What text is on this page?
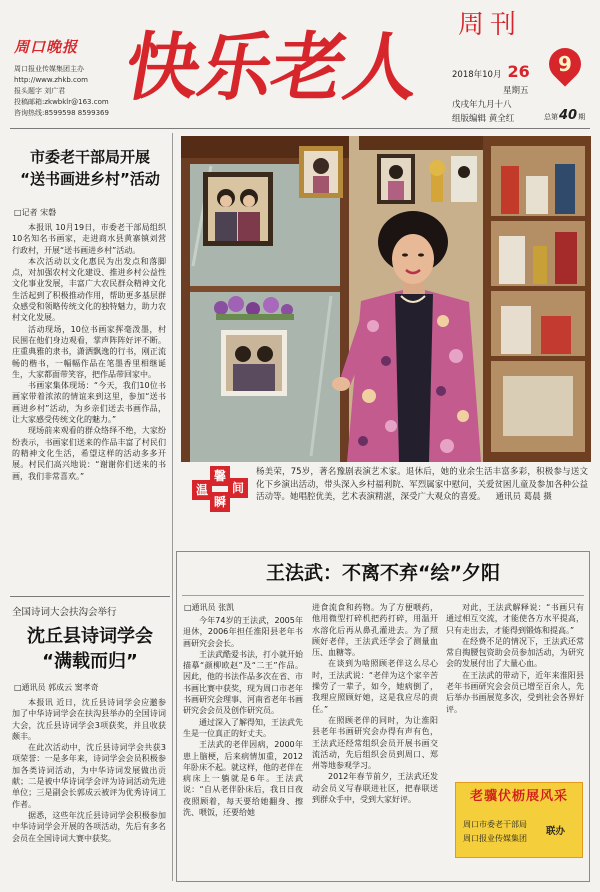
周口晚报
周口报业传媒集团主办
http://www.zhkb.com
报头题字 刘广君
投稿邮箱:zkwbklr@163.com
咨询热线:8599598 8599369
快乐老人	周刊
2018年10月 26
星期五
戊戌年九月十八
组版编辑 黄全红
9
总第40期
市委老干部局开展
“送书画进乡村”活动
□记者 宋磐

本报讯 10月19日，市委老干部局组织10名知名书画家，走进商水县黄寨镇刘营行政村，开展“送书画进乡村”活动。

本次活动以文化惠民为出发点和落脚点，对加强农村文化建设、推进乡村公益性文化事业发展，丰富广大农民群众精神文化生活起到了积极推动作用，帮助更多基层群众感受和领略传统文化的独特魅力，助力农村文化发展。

活动现场，10位书画家挥毫泼墨，村民围在他们身边观看，掌声阵阵好评不断。庄重典雅的隶书，潇洒飘逸的行书，刚正流畅的楷书，一幅幅作品在笔墨香里相继诞生，大家都面带笑容，把作品带回家中。

书画家集体现场：“今天，我们10位书画家带着浓浓的情谊来到这里，参加“送书画进乡村”活动，为乡亲们送去书画作品，让大家感受传统文化的魅力。”

现场前来观看的群众络绎不绝，大家纷纷表示，书画家们送来的作品丰富了村民们的精神文化生活，希望这样的活动多多开展。村民们高兴地说：“谢谢你们送来的书画，我们非常喜欢。”

全国诗词大会扶沟会举行
沈丘县诗词学会
“满载而归”
□通讯员 郭成云 窦孝奇

本报讯 近日，沈丘县诗词学会应邀参加了中华诗词学会在扶沟县举办的全国诗词大会，沈丘县诗词学会3项获奖，并且收获颇丰。

在此次活动中，沈丘县诗词学会共获3项荣誉：一是多年来，诗词学会会员积极参加各类诗词活动，为中华诗词发展做出贡献；二是被中华诗词学会评为诗词活动先进单位；三是副会长郭成云被评为优秀诗词工作者。

据悉，这些年沈丘县诗词学会积极参加中华诗词学会开展的各项活动，先后有多名会员在全国诗词大赛中获奖。

温
馨
瞬
间
杨美荣，75岁，著名豫剧表演艺术家。退休后，她的业余生活丰富多彩，积极参与送文化下乡演出活动，带头深入乡村福利院、军烈属家中慰问，关爱贫困儿童及参加各种公益活动等。她唱腔优美，艺术表演精湛，深受广大观众的喜爱。 通讯员 葛晨 摄
王法武：不离不弃“绘”夕阳
□通讯员 张凯

今年74岁的王法武，2005年退休，2006年担任淮阳县老年书画研究会会长。

王法武酷爱书法，打小就开始描摹“颜柳欧赵”及“二王”作品。因此，他的书法作品多次在省、市书画比赛中获奖，现为周口市老年书画研究会理事、河南省老年书画研究会会员及创作研究员。

通过深入了解得知，王法武先生是一位真正的好丈夫。

王法武的老伴因病，2000年患上脑梗，后来病情加重，2012年卧床不起。就这样，他的老伴在病床上一躺就是6年。王法武说：“自从老伴卧床后，我日日夜夜照顾着，每天要给她翻身、擦洗、喂饭，还要给她

进食流食和药物。为了方便喂药，他用微型打碎机把药打碎，用温开水溶化后再从鼻孔灌进去。为了照顾好老伴，王法武还学会了测量血压、血糖等。

在谈到为啥照顾老伴这么尽心时，王法武说：“老伴为这个家辛苦操劳了一辈子，如今，她病倒了，我理应照顾好她，这是我应尽的责任。”

在照顾老伴的同时，为让淮阳县老年书画研究会办得有声有色，王法武还经常组织会员开展书画交流活动，先后组织会员到周口、郑州等地参观学习。

2012年春节前夕，王法武还发动会员义写春联进社区，把春联送到群众手中，受到大家好评。

对此，王法武解释说：“书画只有通过相互交流，才能使各方水平提高，只有走出去，才能得到锻炼和提高。”

在经费不足的情况下，王法武还常常自掏腰包资助会员参加活动，为研究会的发展付出了大量心血。

在王法武的带动下，近年来淮阳县老年书画研究会会员已增至百余人，先后举办书画展览多次，受到社会各界好评。

老骥伏枥展风采
周口市委老干部局
周口报业传媒集团
联办
